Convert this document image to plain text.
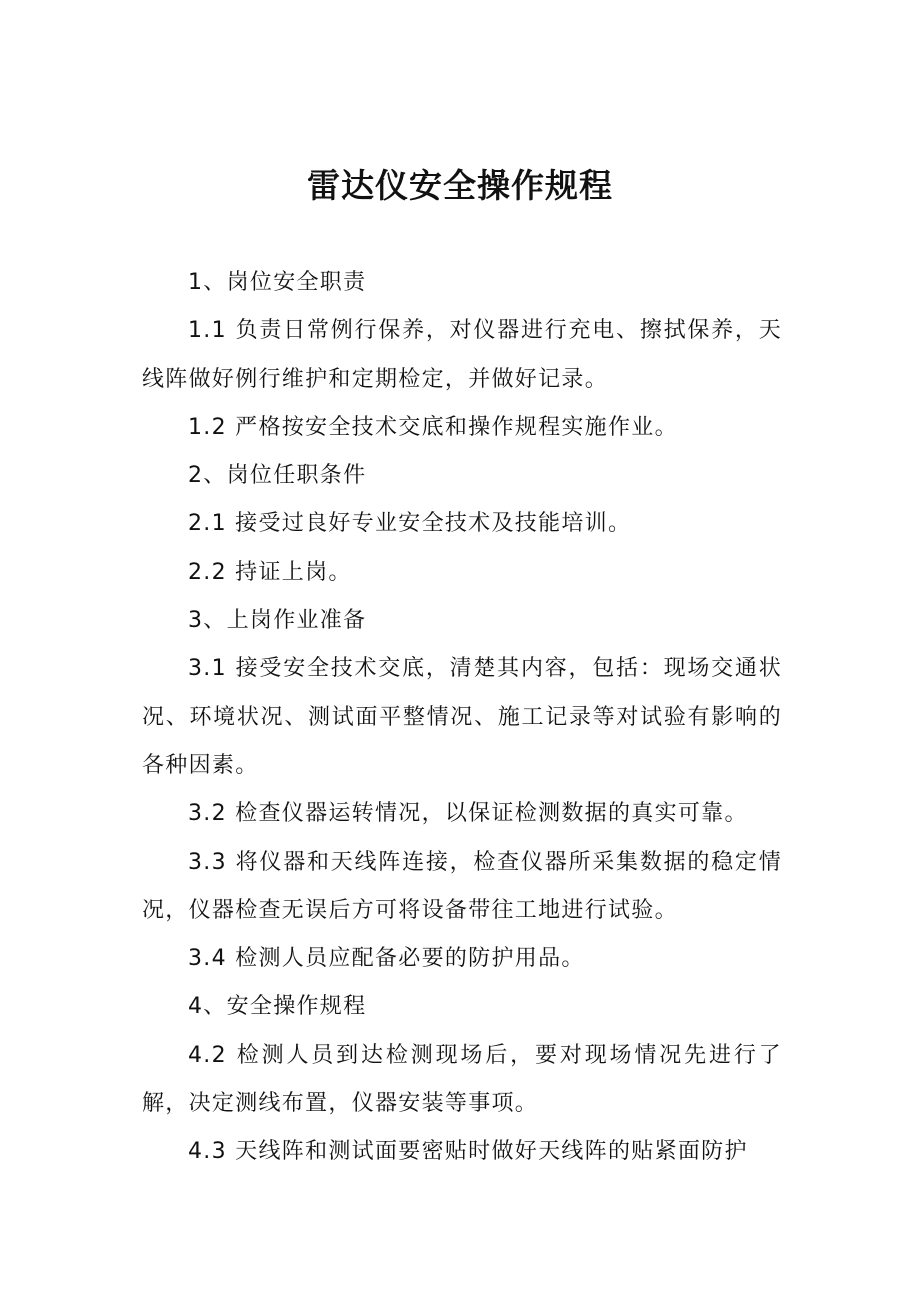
雷达仪安全操作规程

1、岗位安全职责

1.1 负责日常例行保养，对仪器进行充电、擦拭保养，天线阵做好例行维护和定期检定，并做好记录。

1.2 严格按安全技术交底和操作规程实施作业。

2、岗位任职条件

2.1 接受过良好专业安全技术及技能培训。

2.2 持证上岗。

3、上岗作业准备

3.1 接受安全技术交底，清楚其内容，包括：现场交通状况、环境状况、测试面平整情况、施工记录等对试验有影响的各种因素。

3.2 检查仪器运转情况，以保证检测数据的真实可靠。

3.3 将仪器和天线阵连接，检查仪器所采集数据的稳定情况，仪器检查无误后方可将设备带往工地进行试验。

3.4 检测人员应配备必要的防护用品。

4、安全操作规程

4.2 检测人员到达检测现场后，要对现场情况先进行了解，决定测线布置，仪器安装等事项。

4.3 天线阵和测试面要密贴时做好天线阵的贴紧面防护
